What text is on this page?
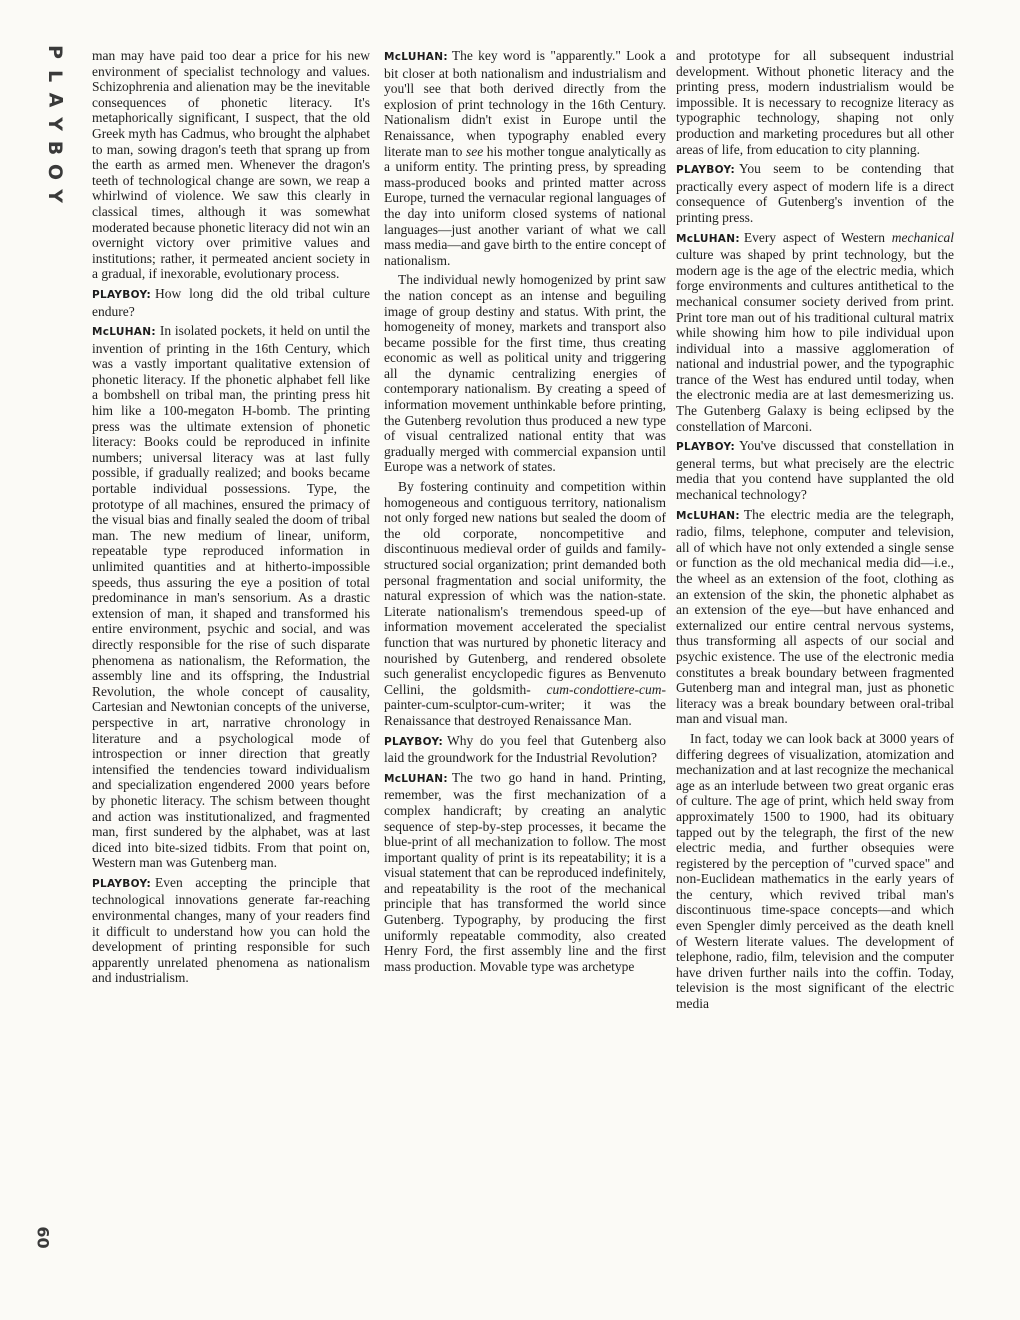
P
L
A
Y
B
O
Y
60

man may have paid too dear a price for his new environment of specialist technology and values. Schizophrenia and alienation may be the inevitable consequences of phonetic literacy. It's metaphorically significant, I suspect, that the old Greek myth has Cadmus, who brought the alphabet to man, sowing dragon's teeth that sprang up from the earth as armed men. Whenever the dragon's teeth of technological change are sown, we reap a whirlwind of violence. We saw this clearly in classical times, although it was somewhat moderated because phonetic literacy did not win an overnight victory over primitive values and institutions; rather, it permeated ancient society in a gradual, if inexorable, evolutionary process.

PLAYBOY: How long did the old tribal culture endure?

McLUHAN: In isolated pockets, it held on until the invention of printing in the 16th Century, which was a vastly important qualitative extension of phonetic literacy. If the phonetic alphabet fell like a bombshell on tribal man, the printing press hit him like a 100-megaton H-bomb. The printing press was the ultimate extension of phonetic literacy: Books could be reproduced in infinite numbers; universal literacy was at last fully possible, if gradually realized; and books became portable individual possessions. Type, the prototype of all machines, ensured the primacy of the visual bias and finally sealed the doom of tribal man. The new medium of linear, uniform, repeatable type reproduced information in unlimited quantities and at hitherto-impossible speeds, thus assuring the eye a position of total predominance in man's sensorium. As a drastic extension of man, it shaped and transformed his entire environment, psychic and social, and was directly responsible for the rise of such disparate phenomena as nationalism, the Reformation, the assembly line and its offspring, the Industrial Revolution, the whole concept of causality, Cartesian and Newtonian concepts of the universe, perspective in art, narrative chronology in literature and a psychological mode of introspection or inner direction that greatly intensified the tendencies toward individualism and specialization engendered 2000 years before by phonetic literacy. The schism between thought and action was institutionalized, and fragmented man, first sundered by the alphabet, was at last diced into bite-sized tidbits. From that point on, Western man was Gutenberg man.

PLAYBOY: Even accepting the principle that technological innovations generate far-reaching environmental changes, many of your readers find it difficult to understand how you can hold the development of printing responsible for such apparently unrelated phenomena as nationalism and industrialism.

McLUHAN: The key word is "apparently." Look a bit closer at both nationalism and industrialism and you'll see that both derived directly from the explosion of print technology in the 16th Century. Nationalism didn't exist in Europe until the Renaissance, when typography enabled every literate man to see his mother tongue analytically as a uniform entity. The printing press, by spreading mass-produced books and printed matter across Europe, turned the vernacular regional languages of the day into uniform closed systems of national languages—just another variant of what we call mass media—and gave birth to the entire concept of nationalism.

The individual newly homogenized by print saw the nation concept as an intense and beguiling image of group destiny and status. With print, the homogeneity of money, markets and transport also became possible for the first time, thus creating economic as well as political unity and triggering all the dynamic centralizing energies of contemporary nationalism. By creating a speed of information movement unthinkable before printing, the Gutenberg revolution thus produced a new type of visual centralized national entity that was gradually merged with commercial expansion until Europe was a network of states.

By fostering continuity and competition within homogeneous and contiguous territory, nationalism not only forged new nations but sealed the doom of the old corporate, noncompetitive and discontinuous medieval order of guilds and family-structured social organization; print demanded both personal fragmentation and social uniformity, the natural expression of which was the nation-state. Literate nationalism's tremendous speed-up of information movement accelerated the specialist function that was nurtured by phonetic literacy and nourished by Gutenberg, and rendered obsolete such generalist encyclopedic figures as Benvenuto Cellini, the goldsmith- cum-condottiere-cum-painter-cum-sculptor-cum-writer; it was the Renaissance that destroyed Renaissance Man.

PLAYBOY: Why do you feel that Gutenberg also laid the groundwork for the Industrial Revolution?

McLUHAN: The two go hand in hand. Printing, remember, was the first mechanization of a complex handicraft; by creating an analytic sequence of step-by-step processes, it became the blue-print of all mechanization to follow. The most important quality of print is its repeatability; it is a visual statement that can be reproduced indefinitely, and repeatability is the root of the mechanical principle that has transformed the world since Gutenberg. Typography, by producing the first uniformly repeatable commodity, also created Henry Ford, the first assembly line and the first mass production. Movable type was archetype

and prototype for all subsequent industrial development. Without phonetic literacy and the printing press, modern industrialism would be impossible. It is necessary to recognize literacy as typographic technology, shaping not only production and marketing procedures but all other areas of life, from education to city planning.

PLAYBOY: You seem to be contending that practically every aspect of modern life is a direct consequence of Gutenberg's invention of the printing press.

McLUHAN: Every aspect of Western mechanical culture was shaped by print technology, but the modern age is the age of the electric media, which forge environments and cultures antithetical to the mechanical consumer society derived from print. Print tore man out of his traditional cultural matrix while showing him how to pile individual upon individual into a massive agglomeration of national and industrial power, and the typographic trance of the West has endured until today, when the electronic media are at last demesmerizing us. The Gutenberg Galaxy is being eclipsed by the constellation of Marconi.

PLAYBOY: You've discussed that constellation in general terms, but what precisely are the electric media that you contend have supplanted the old mechanical technology?

McLUHAN: The electric media are the telegraph, radio, films, telephone, computer and television, all of which have not only extended a single sense or function as the old mechanical media did—i.e., the wheel as an extension of the foot, clothing as an extension of the skin, the phonetic alphabet as an extension of the eye—but have enhanced and externalized our entire central nervous systems, thus transforming all aspects of our social and psychic existence. The use of the electronic media constitutes a break boundary between fragmented Gutenberg man and integral man, just as phonetic literacy was a break boundary between oral-tribal man and visual man.

In fact, today we can look back at 3000 years of differing degrees of visualization, atomization and mechanization and at last recognize the mechanical age as an interlude between two great organic eras of culture. The age of print, which held sway from approximately 1500 to 1900, had its obituary tapped out by the telegraph, the first of the new electric media, and further obsequies were registered by the perception of "curved space" and non-Euclidean mathematics in the early years of the century, which revived tribal man's discontinuous time-space concepts—and which even Spengler dimly perceived as the death knell of Western literate values. The development of telephone, radio, film, television and the computer have driven further nails into the coffin. Today, television is the most significant of the electric media
